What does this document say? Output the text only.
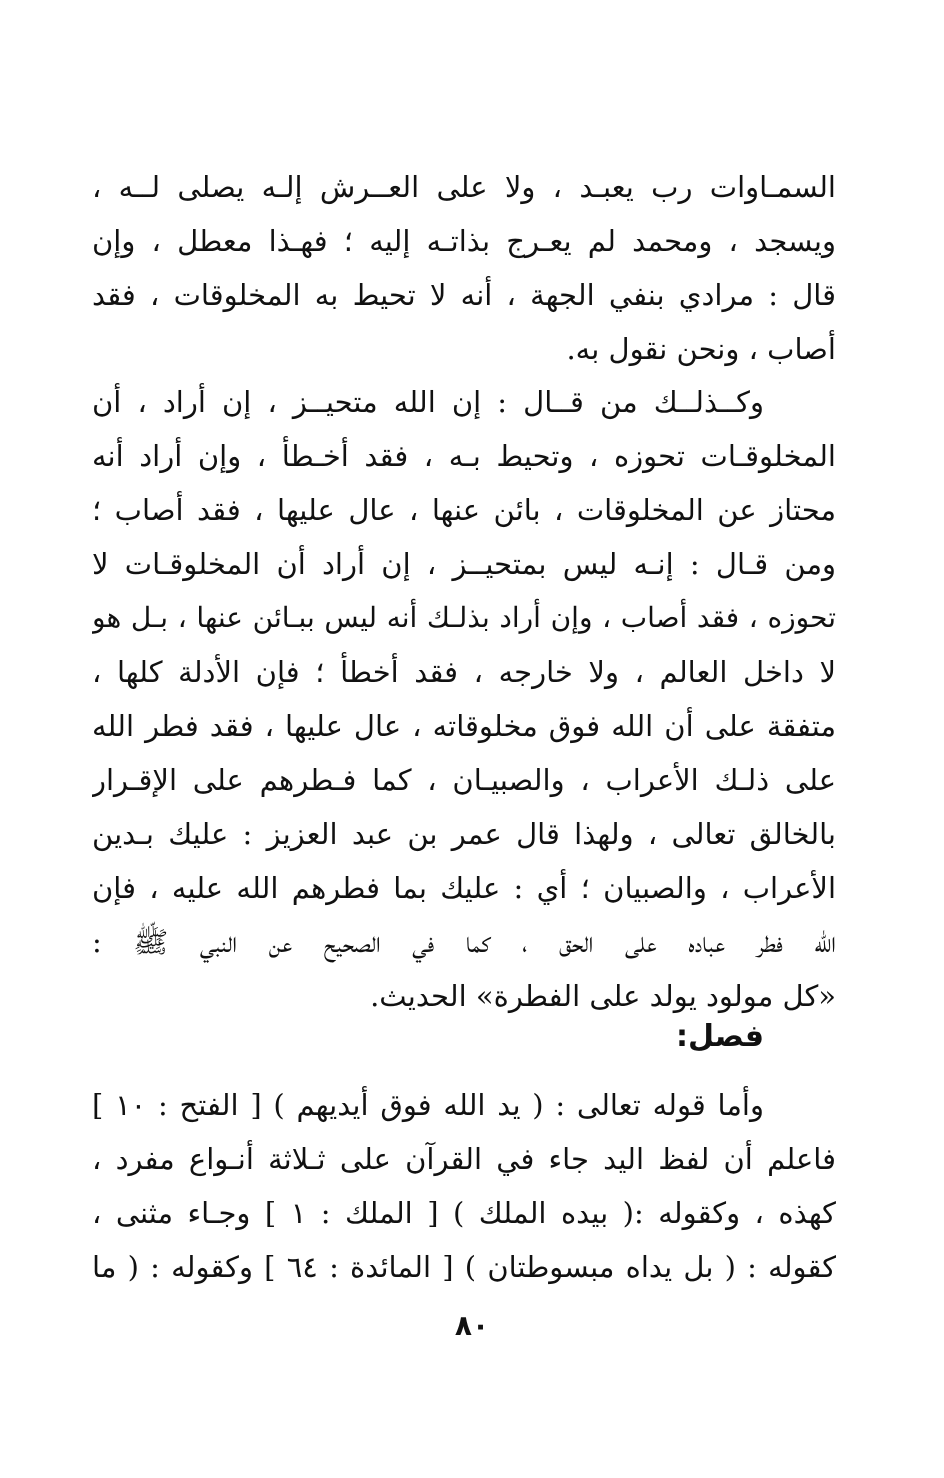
السمـاوات رب يعبـد ، ولا على العــرش إلـه يصلى لــه ،
ويسجد ، ومحمد لم يعـرج بذاتـه إليه ؛ فهـذا معطل ، وإن
قال : مرادي بنفي الجهة ، أنه لا تحيط به المخلوقات ، فقد
أصاب ، ونحن نقول به.
وكــذلــك من قــال : إن الله متحيــز ، إن أراد ، أن
المخلوقـات تحوزه ، وتحيط بـه ، فقد أخـطأ ، وإن أراد أنه
محتاز عن المخلوقات ، بائن عنها ، عال عليها ، فقد أصاب ؛
ومن قـال : إنـه ليس بمتحيــز ، إن أراد أن المخلوقـات لا
تحوزه ، فقد أصاب ، وإن أراد بذلـك أنه ليس ببـائن عنها ، بـل هو
لا داخل العالم ، ولا خارجه ، فقد أخطأ ؛ فإن الأدلة كلها ،
متفقة على أن الله فوق مخلوقاته ، عال عليها ، فقد فطر الله
على ذلـك الأعراب ، والصبيـان ، كما فـطرهم على الإقـرار
بالخالق تعالى ، ولهذا قال عمر بن عبد العزيز : عليك بـدين
الأعراب ، والصبيان ؛ أي : عليك بما فطرهم الله عليه ، فإن
الله فطر عباده على الحق ، كما في الصحيح عن النبي ﷺ :
«كل مولود يولد على الفطرة» الحديث.
فصل:
وأما قوله تعالى : ( يد الله فوق أيديهم ) [ الفتح : ١٠ ]
فاعلم أن لفظ اليد جاء في القرآن على ثـلاثة أنـواع مفرد ،
كهذه ، وكقوله :( بيده الملك ) [ الملك : ١ ] وجـاء مثنى ،
كقوله : ( بل يداه مبسوطتان ) [ المائدة : ٦٤ ] وكقوله : ( ما
٨٠
